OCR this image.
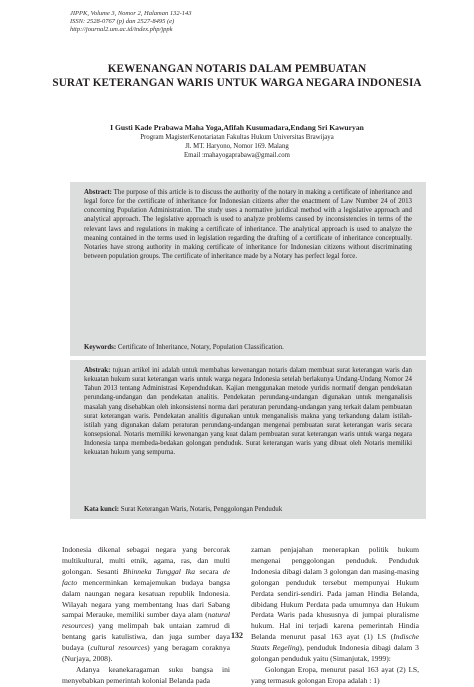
JIPPK, Volume 3, Nomor 2, Halaman 132-143
ISSN: 2528-0767 (p) dan 2527-8495 (e)
http://journal2.um.ac.id/index.php/jppk
KEWENANGAN NOTARIS DALAM PEMBUATAN
SURAT KETERANGAN WARIS UNTUK WARGA NEGARA INDONESIA
I Gusti Kade Prabawa Maha Yoga,Afifah Kusumadara,Endang Sri Kawuryan
Program MagisterKenotariatan Fakultas Hukum Universitas Brawijaya
Jl. MT. Haryono, Nomor 169. Malang
Email :mahayogaprabawa@gmail.com
Abstract: The purpose of this article is to discuss the authority of the notary in making a certificate of inheritance and legal force for the certificate of inheritance for Indonesian citizens after the enactment of Law Number 24 of 2013 concerning Population Administration. The study uses a normative juridical method with a legislative approach and analytical approach. The legislative approach is used to analyze problems caused by inconsistencies in terms of the relevant laws and regulations in making a certificate of inheritance. The analytical approach is used to analyze the meaning contained in the terms used in legislation regarding the drafting of a certificate of inheritance conceptually. Notaries have strong authority in making certificate of inheritance for Indonesian citizens without discriminating between population groups. The certificate of inheritance made by a Notary has perfect legal force.
Keywords: Certificate of Inheritance, Notary, Population Classification.
Abstrak: tujuan artikel ini adalah untuk membahas kewenangan notaris dalam membuat surat keterangan waris dan kekuatan hukum surat keterangan waris untuk warga negara Indonesia setelah berlakunya Undang-Undang Nomor 24 Tahun 2013 tentang Administrasi Kependudukan. Kajian menggunakan metode yuridis normatif dengan pendekatan perundang-undangan dan pendekatan analitis. Pendekatan perundang-undangan digunakan untuk menganalisis masalah yang disebabkan oleh inkonsistensi norma dari peraturan perundang-undangan yang terkait dalam pembuatan surat keterangan waris. Pendekatan analitis digunakan untuk menganalisis makna yang terkandung dalam istilah-istilah yang digunakan dalam peraturan perundang-undangan mengenai pembuatan surat keterangan waris secara konsepsional. Notaris memiliki kewenangan yang kuat dalam pembuatan surat keterangan waris untuk warga negara Indonesia tanpa membeda-bedakan golongan penduduk. Surat keterangan waris yang dibuat oleh Notaris memiliki kekuatan hukum yang sempurna.
Kata kunci: Surat Keterangan Waris, Notaris, Penggolongan Penduduk

Indonesia dikenal sebagai negara yang bercorak multikultural, multi etnik, agama, ras, dan multi golongan. Sesanti Bhinneka Tunggal Ika secara de facto mencerminkan kemajemukan budaya bangsa dalam naungan negara kesatuan republik Indonesia. Wilayah negara yang membentang luas dari Sabang sampai Merauke, memiliki sumber daya alam (natural resources) yang melimpah bak untaian zamrud di bentang garis katulistiwa, dan juga sumber daya budaya (cultural resources) yang beragam coraknya (Nurjaya, 2008).

Adanya keanekaragaman suku bangsa ini menyebabkan pemerintah kolonial Belanda pada

zaman penjajahan menerapkan politik hukum mengenai penggolongan penduduk. Penduduk Indonesia dibagi dalam 3 golongan dan masing-masing golongan penduduk tersebut mempunyai Hukum Perdata sendiri-sendiri. Pada jaman Hindia Belanda, dibidang Hukum Perdata pada umumnya dan Hukum Perdata Waris pada khususnya di jumpai pluralisme hukum. Hal ini terjadi karena pemerintah Hindia Belanda menurut pasal 163 ayat (1) I.S (Indische Staats Regeling), penduduk Indonesia dibagi dalam 3 golongan penduduk yaitu (Simanjutak, 1999):

Golongan Eropa, menurut pasal 163 ayat (2) I.S, yang termasuk golongan Eropa adalah : 1)

132
